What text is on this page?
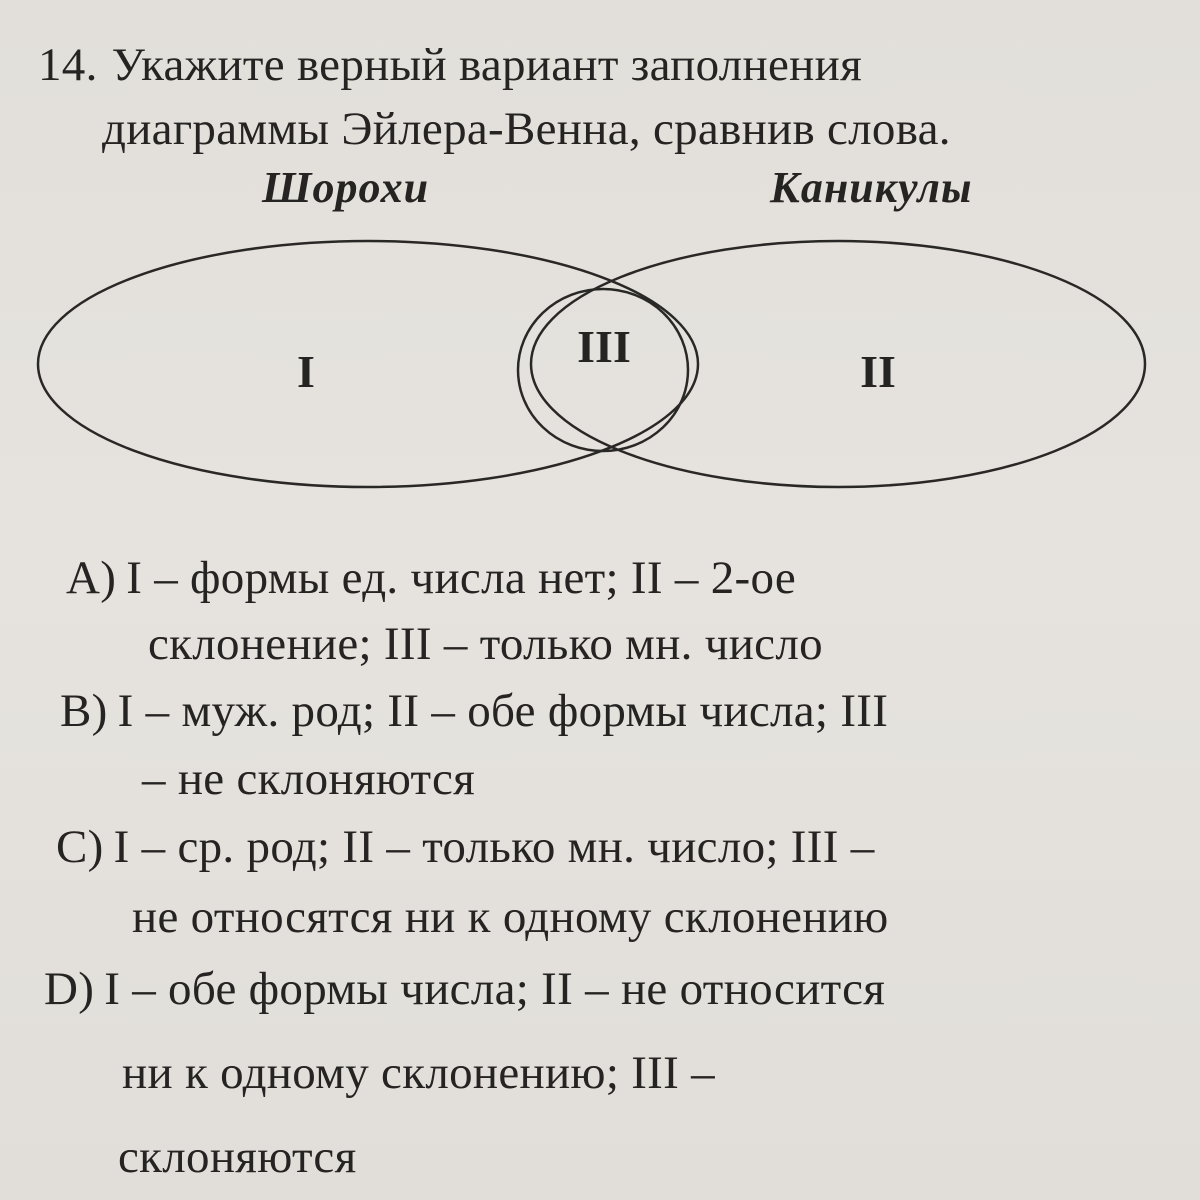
14. Укажите верный вариант заполнения
диаграммы Эйлера-Венна, сравнив слова.
Шорохи	Каникулы
I	II
III
A) I – формы ед. числа нет; II – 2-ое
склонение; III – только мн. число
B) I – муж. род; II – обе формы числа; III
– не склоняются
C) I – ср. род; II – только мн. число; III –
не относятся ни к одному склонению
D) I – обе формы числа; II – не относится
ни к одному склонению; III –
склоняются
